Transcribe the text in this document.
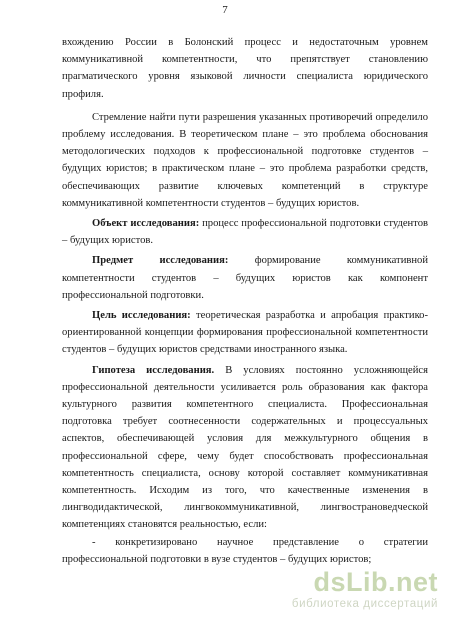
7
вхождению России в Болонский процесс и недостаточным уровнем коммуникативной компетентности, что препятствует становлению прагматического уровня языковой личности специалиста юридического профиля.
Стремление найти пути разрешения указанных противоречий определило проблему исследования. В теоретическом плане – это проблема обоснования методологических подходов к профессиональной подготовке студентов – будущих юристов; в практическом плане – это проблема разработки средств, обеспечивающих развитие ключевых компетенций в структуре коммуникативной компетентности студентов – будущих юристов.
Объект исследования: процесс профессиональной подготовки студентов – будущих юристов.
Предмет исследования: формирование коммуникативной компетентности студентов – будущих юристов как компонент профессиональной подготовки.
Цель исследования: теоретическая разработка и апробация практико-ориентированной концепции формирования профессиональной компетентности студентов – будущих юристов средствами иностранного языка.
Гипотеза исследования. В условиях постоянно усложняющейся профессиональной деятельности усиливается роль образования как фактора культурного развития компетентного специалиста. Профессиональная подготовка требует соотнесенности содержательных и процессуальных аспектов, обеспечивающей условия для межкультурного общения в профессиональной сфере, чему будет способствовать профессиональная компетентность специалиста, основу которой составляет коммуникативная компетентность. Исходим из того, что качественные изменения в лингводидактической, лингвокоммуникативной, лингвострановедческой компетенциях становятся реальностью, если:
- конкретизировано научное представление о стратегии профессиональной подготовки в вузе студентов – будущих юристов;
dsLib.net
библиотека диссертаций
